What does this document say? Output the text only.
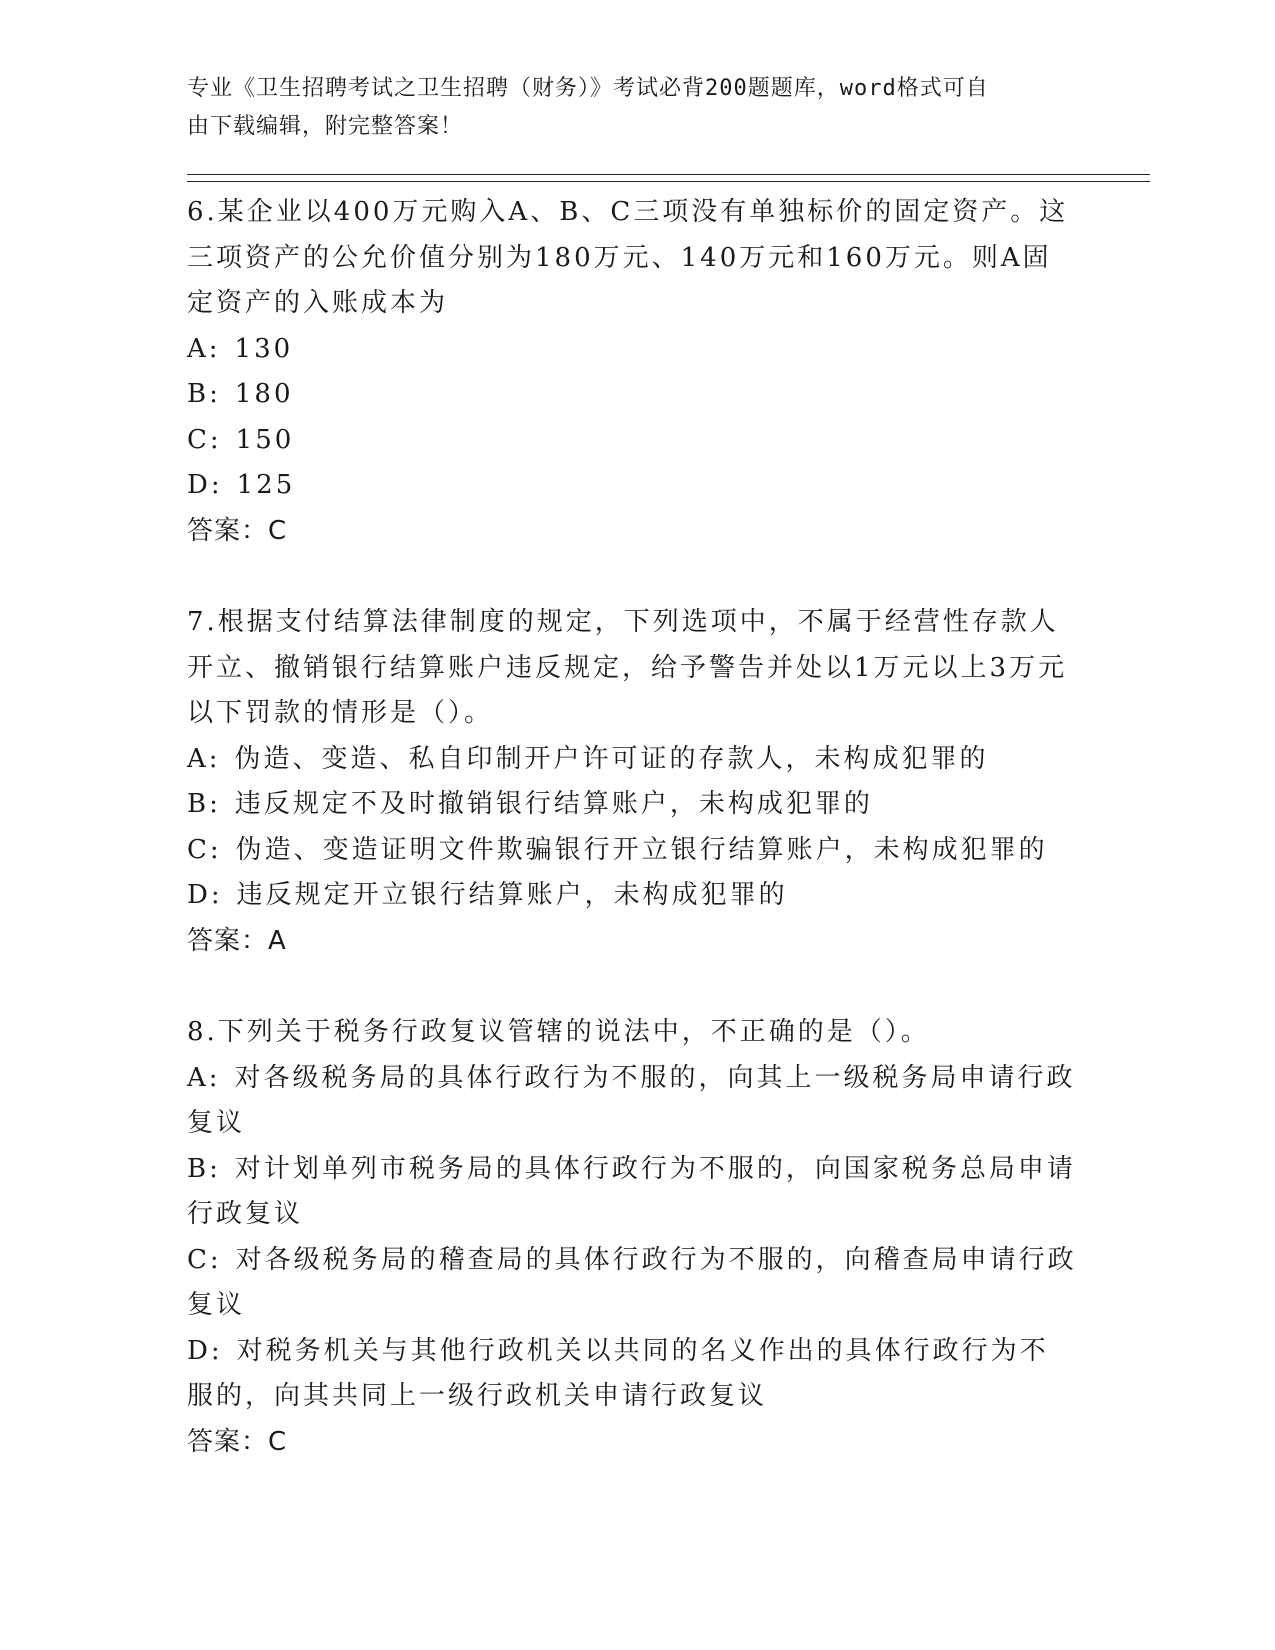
专业《卫生招聘考试之卫生招聘（财务）》考试必背200题题库，word格式可自
由下载编辑，附完整答案！

6.某企业以400万元购入A、B、C三项没有单独标价的固定资产。这三项资产的公允价值分别为180万元、140万元和160万元。则A固定资产的入账成本为

A: 130
B: 180
C: 150
D: 125

答案：C

7.根据支付结算法律制度的规定，下列选项中，不属于经营性存款人开立、撤销银行结算账户违反规定，给予警告并处以1万元以上3万元以下罚款的情形是（）。

A: 伪造、变造、私自印制开户许可证的存款人，未构成犯罪的
B: 违反规定不及时撤销银行结算账户，未构成犯罪的
C: 伪造、变造证明文件欺骗银行开立银行结算账户，未构成犯罪的
D: 违反规定开立银行结算账户，未构成犯罪的

答案：A

8.下列关于税务行政复议管辖的说法中，不正确的是（）。

A: 对各级税务局的具体行政行为不服的，向其上一级税务局申请行政复议
B: 对计划单列市税务局的具体行政行为不服的，向国家税务总局申请行政复议
C: 对各级税务局的稽查局的具体行政行为不服的，向稽查局申请行政复议
D: 对税务机关与其他行政机关以共同的名义作出的具体行政行为不服的，向其共同上一级行政机关申请行政复议

答案：C
